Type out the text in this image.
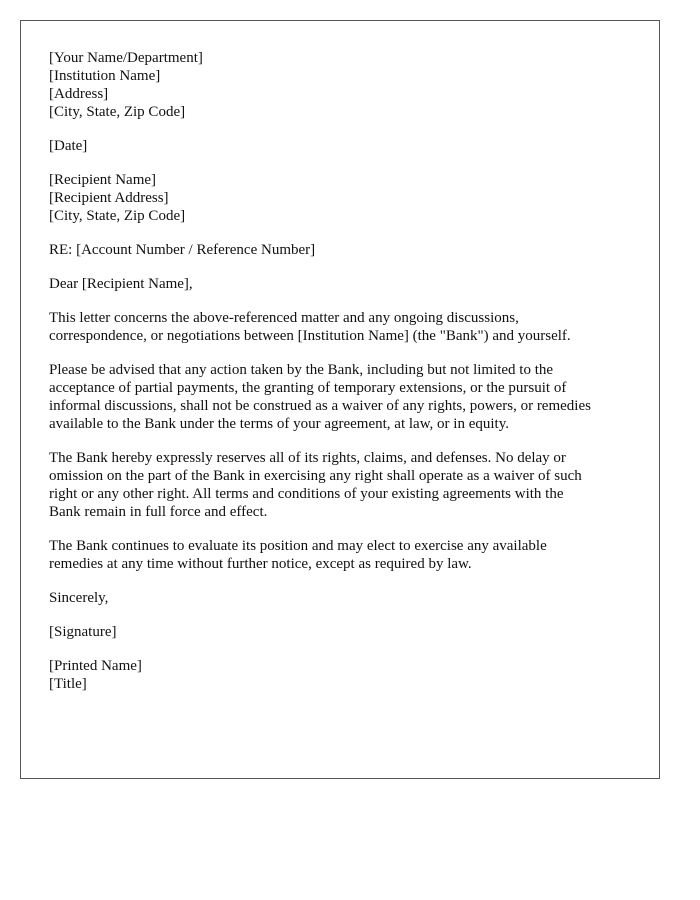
[Your Name/Department]
[Institution Name]
[Address]
[City, State, Zip Code]
[Date]
[Recipient Name]
[Recipient Address]
[City, State, Zip Code]
RE: [Account Number / Reference Number]
Dear [Recipient Name],
This letter concerns the above-referenced matter and any ongoing discussions,
correspondence, or negotiations between [Institution Name] (the "Bank") and yourself.
Please be advised that any action taken by the Bank, including but not limited to the
acceptance of partial payments, the granting of temporary extensions, or the pursuit of
informal discussions, shall not be construed as a waiver of any rights, powers, or remedies
available to the Bank under the terms of your agreement, at law, or in equity.
The Bank hereby expressly reserves all of its rights, claims, and defenses. No delay or
omission on the part of the Bank in exercising any right shall operate as a waiver of such
right or any other right. All terms and conditions of your existing agreements with the
Bank remain in full force and effect.
The Bank continues to evaluate its position and may elect to exercise any available
remedies at any time without further notice, except as required by law.
Sincerely,
[Signature]
[Printed Name]
[Title]
